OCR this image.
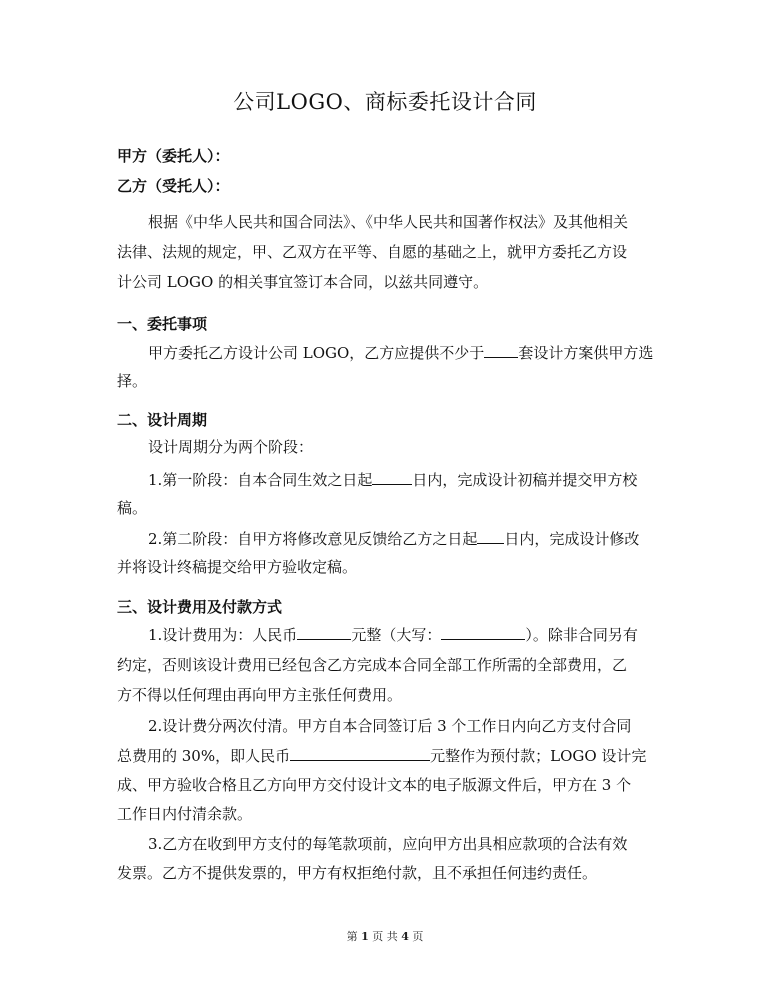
公司LOGO、商标委托设计合同
甲方（委托人）：
乙方（受托人）：
根据《中华人民共和国合同法》、《中华人民共和国著作权法》及其他相关
法律、法规的规定，甲、乙双方在平等、自愿的基础之上，就甲方委托乙方设
计公司 LOGO 的相关事宜签订本合同，以兹共同遵守。
一、委托事项
甲方委托乙方设计公司 LOGO，乙方应提供不少于 套设计方案供甲方选
择。
二、设计周期
设计周期分为两个阶段：
1.第一阶段：自本合同生效之日起	日内，完成设计初稿并提交甲方校
稿。
2.第二阶段：自甲方将修改意见反馈给乙方之日起 日内，完成设计修改
并将设计终稿提交给甲方验收定稿。
三、设计费用及付款方式
1.设计费用为：人民币	元整（大写：	）。除非合同另有
约定，否则该设计费用已经包含乙方完成本合同全部工作所需的全部费用，乙
方不得以任何理由再向甲方主张任何费用。
2.设计费分两次付清。甲方自本合同签订后 3 个工作日内向乙方支付合同
总费用的 30%，即人民币	元整作为预付款；LOGO 设计完
成、甲方验收合格且乙方向甲方交付设计文本的电子版源文件后，甲方在 3 个
工作日内付清余款。
3.乙方在收到甲方支付的每笔款项前，应向甲方出具相应款项的合法有效
发票。乙方不提供发票的，甲方有权拒绝付款，且不承担任何违约责任。
第 1 页 共 4 页
